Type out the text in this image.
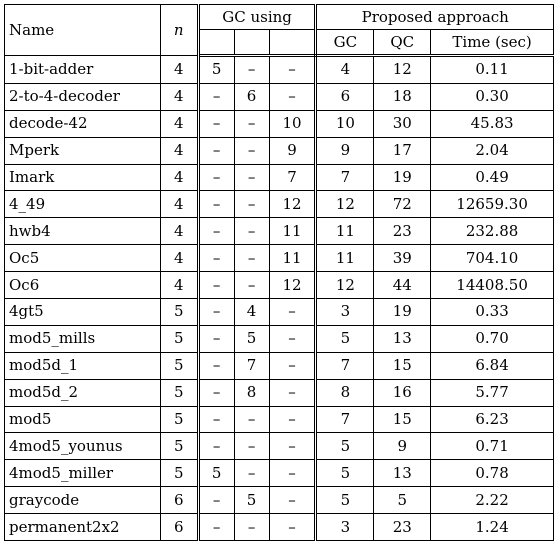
Name	n	GC using			Proposed approach		
					GC	QC	Time (sec)
1-bit-adder	4	5	–	–	4	12	0.11
2-to-4-decoder	4	–	6	–	6	18	0.30
decode-42	4	–	–	10	10	30	45.83
Mperk	4	–	–	9	9	17	2.04
Imark	4	–	–	7	7	19	0.49
4_49	4	–	–	12	12	72	12659.30
hwb4	4	–	–	11	11	23	232.88
Oc5	4	–	–	11	11	39	704.10
Oc6	4	–	–	12	12	44	14408.50
4gt5	5	–	4	–	3	19	0.33
mod5_mills	5	–	5	–	5	13	0.70
mod5d_1	5	–	7	–	7	15	6.84
mod5d_2	5	–	8	–	8	16	5.77
mod5	5	–	–	–	7	15	6.23
4mod5_younus	5	–	–	–	5	9	0.71
4mod5_miller	5	5	–	–	5	13	0.78
graycode	6	–	5	–	5	5	2.22
permanent2x2	6	–	–	–	3	23	1.24
